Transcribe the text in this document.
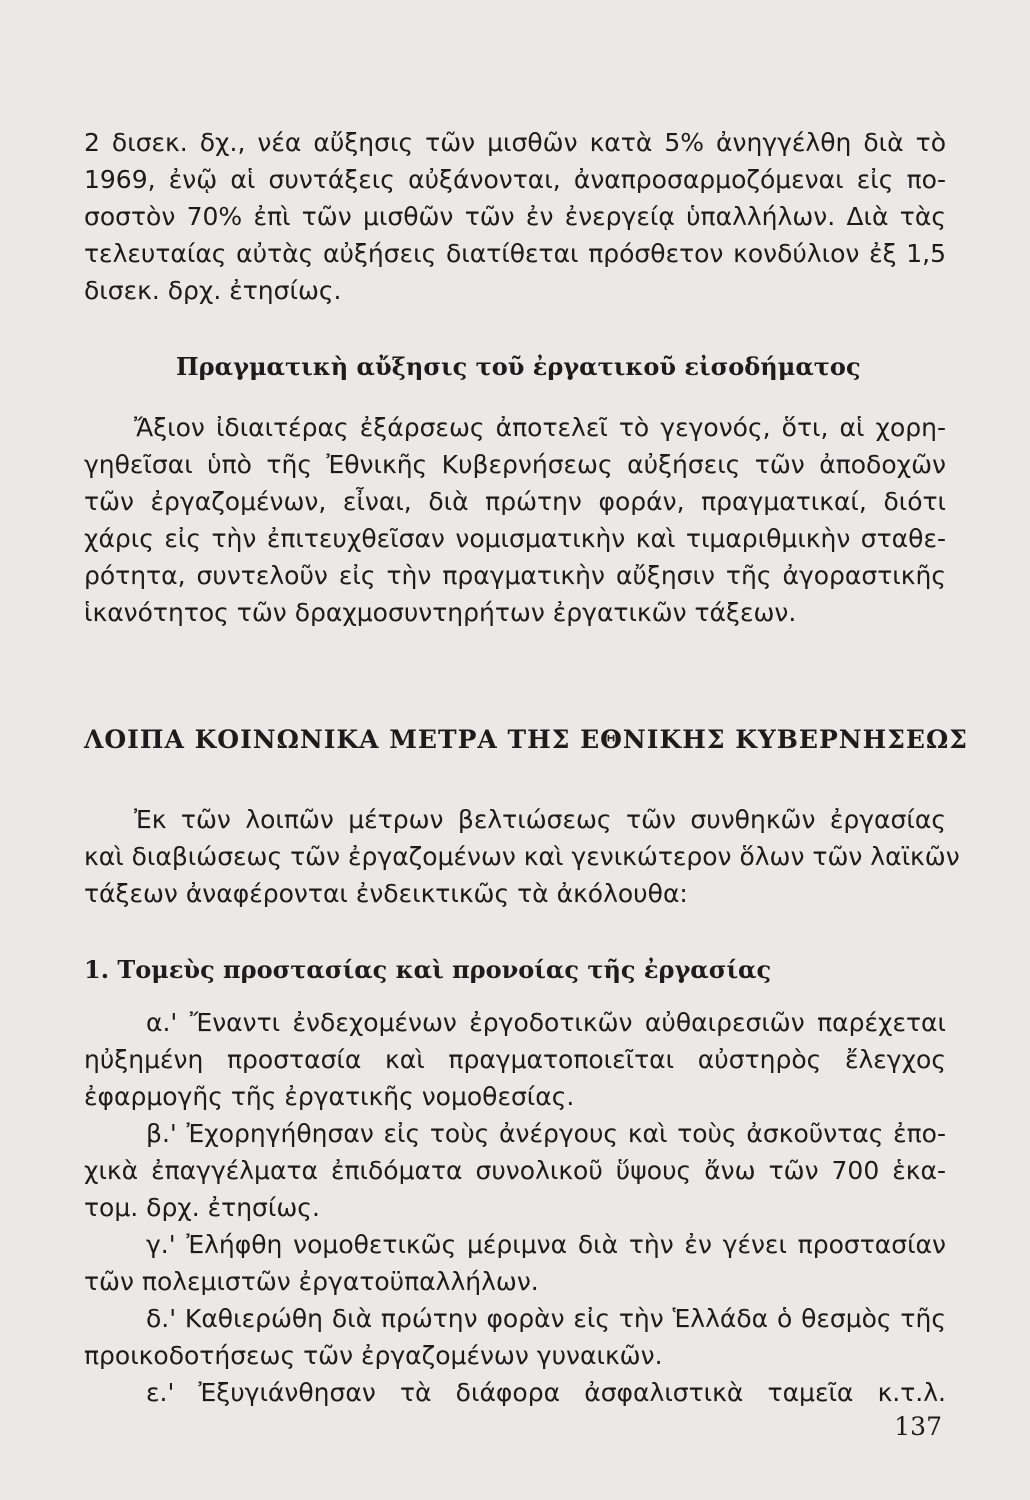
2 δισεκ. δχ., νέα αὔξησις τῶν μισθῶν κατὰ 5% ἀνηγγέλθη διὰ τὸ
1969, ἐνῷ αἱ συντάξεις αὐξάνονται, ἀναπροσαρμοζόμεναι εἰς πο-
σοστὸν 70% ἐπὶ τῶν μισθῶν τῶν ἐν ἐνεργείᾳ ὑπαλλήλων. Διὰ τὰς
τελευταίας αὐτὰς αὐξήσεις διατίθεται πρόσθετον κονδύλιον ἐξ 1,5
δισεκ. δρχ. ἐτησίως.
Πραγματικὴ αὔξησις τοῦ ἐργατικοῦ εἰσοδήματος
Ἄξιον ἰδιαιτέρας ἐξάρσεως ἀποτελεῖ τὸ γεγονός, ὅτι, αἱ χορη-
γηθεῖσαι ὑπὸ τῆς Ἐθνικῆς Κυβερνήσεως αὐξήσεις τῶν ἀποδοχῶν
τῶν ἐργαζομένων, εἶναι, διὰ πρώτην φοράν, πραγματικαί, διότι
χάρις εἰς τὴν ἐπιτευχθεῖσαν νομισματικὴν καὶ τιμαριθμικὴν σταθε-
ρότητα, συντελοῦν εἰς τὴν πραγματικὴν αὔξησιν τῆς ἀγοραστικῆς
ἱκανότητος τῶν δραχμοσυντηρήτων ἐργατικῶν τάξεων.
ΛΟΙΠΑ ΚΟΙΝΩΝΙΚΑ ΜΕΤΡΑ ΤΗΣ ΕΘΝΙΚΗΣ ΚΥΒΕΡΝΗΣΕΩΣ
Ἐκ τῶν λοιπῶν μέτρων βελτιώσεως τῶν συνθηκῶν ἐργασίας
καὶ διαβιώσεως τῶν ἐργαζομένων καὶ γενικώτερον ὅλων τῶν λαϊκῶν
τάξεων ἀναφέρονται ἐνδεικτικῶς τὰ ἀκόλουθα:
1. Τομεὺς προστασίας καὶ προνοίας τῆς ἐργασίας
α.' Ἔναντι ἐνδεχομένων ἐργοδοτικῶν αὐθαιρεσιῶν παρέχεται
ηὐξημένη προστασία καὶ πραγματοποιεῖται αὐστηρὸς ἔλεγχος
ἐφαρμογῆς τῆς ἐργατικῆς νομοθεσίας.
β.' Ἐχορηγήθησαν εἰς τοὺς ἀνέργους καὶ τοὺς ἀσκοῦντας ἐπο-
χικὰ ἐπαγγέλματα ἐπιδόματα συνολικοῦ ὕψους ἄνω τῶν 700 ἑκα-
τομ. δρχ. ἐτησίως.
γ.' Ἐλήφθη νομοθετικῶς μέριμνα διὰ τὴν ἐν γένει προστασίαν
τῶν πολεμιστῶν ἐργατοϋπαλλήλων.
δ.' Καθιερώθη διὰ πρώτην φορὰν εἰς τὴν Ἑλλάδα ὁ θεσμὸς τῆς
προικοδοτήσεως τῶν ἐργαζομένων γυναικῶν.
ε.' Ἐξυγιάνθησαν τὰ διάφορα ἀσφαλιστικὰ ταμεῖα κ.τ.λ.
137
